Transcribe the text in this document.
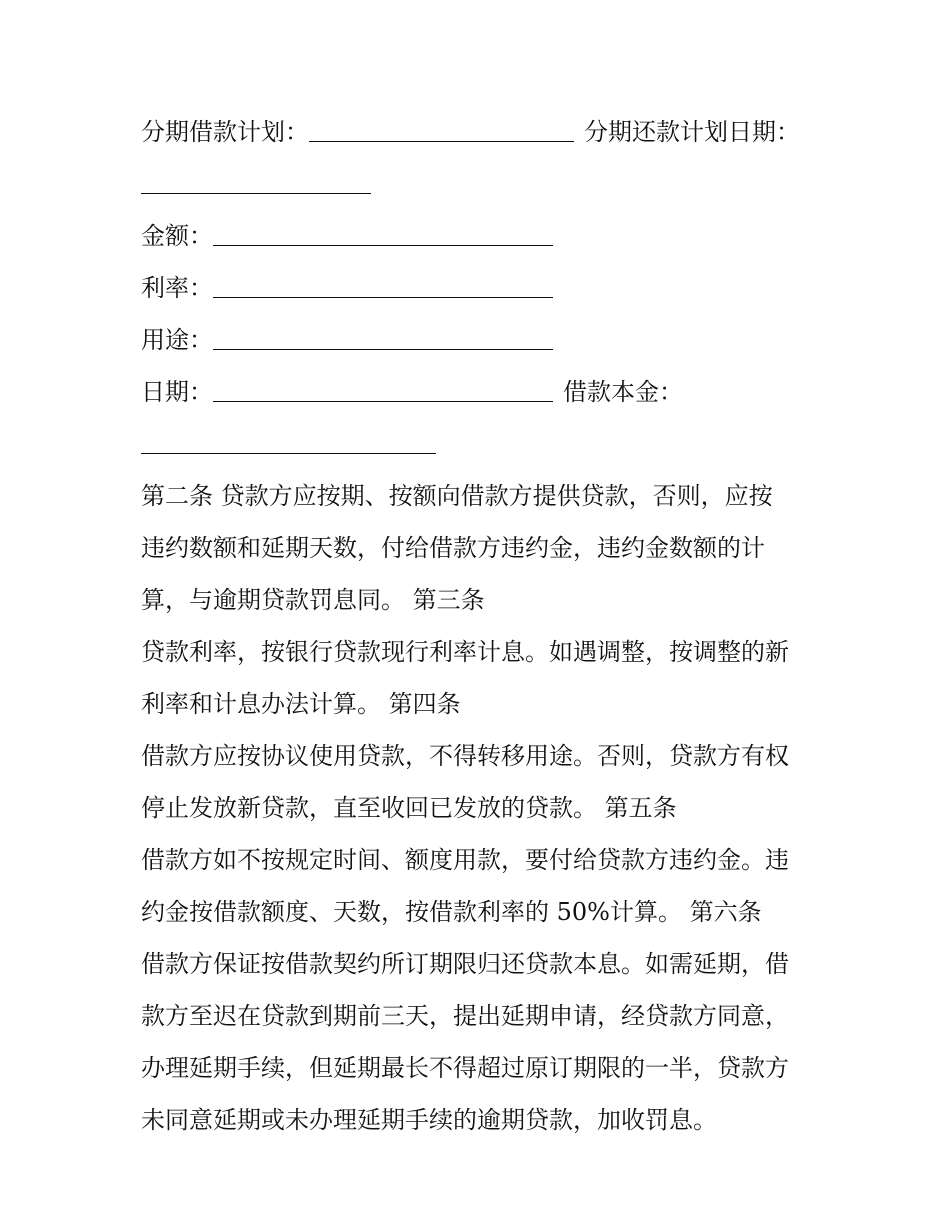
分期借款计划：	分期还款计划日期：
金额：
利率：
用途：
日期：	借款本金：
第二条 贷款方应按期、按额向借款方提供贷款，否则，应按
违约数额和延期天数，付给借款方违约金，违约金数额的计
算，与逾期贷款罚息同。 第三条
贷款利率，按银行贷款现行利率计息。如遇调整，按调整的新
利率和计息办法计算。 第四条
借款方应按协议使用贷款，不得转移用途。否则，贷款方有权
停止发放新贷款，直至收回已发放的贷款。 第五条
借款方如不按规定时间、额度用款，要付给贷款方违约金。违
约金按借款额度、天数，按借款利率的 50%计算。 第六条
借款方保证按借款契约所订期限归还贷款本息。如需延期，借
款方至迟在贷款到期前三天，提出延期申请，经贷款方同意，
办理延期手续，但延期最长不得超过原订期限的一半，贷款方
未同意延期或未办理延期手续的逾期贷款，加收罚息。
